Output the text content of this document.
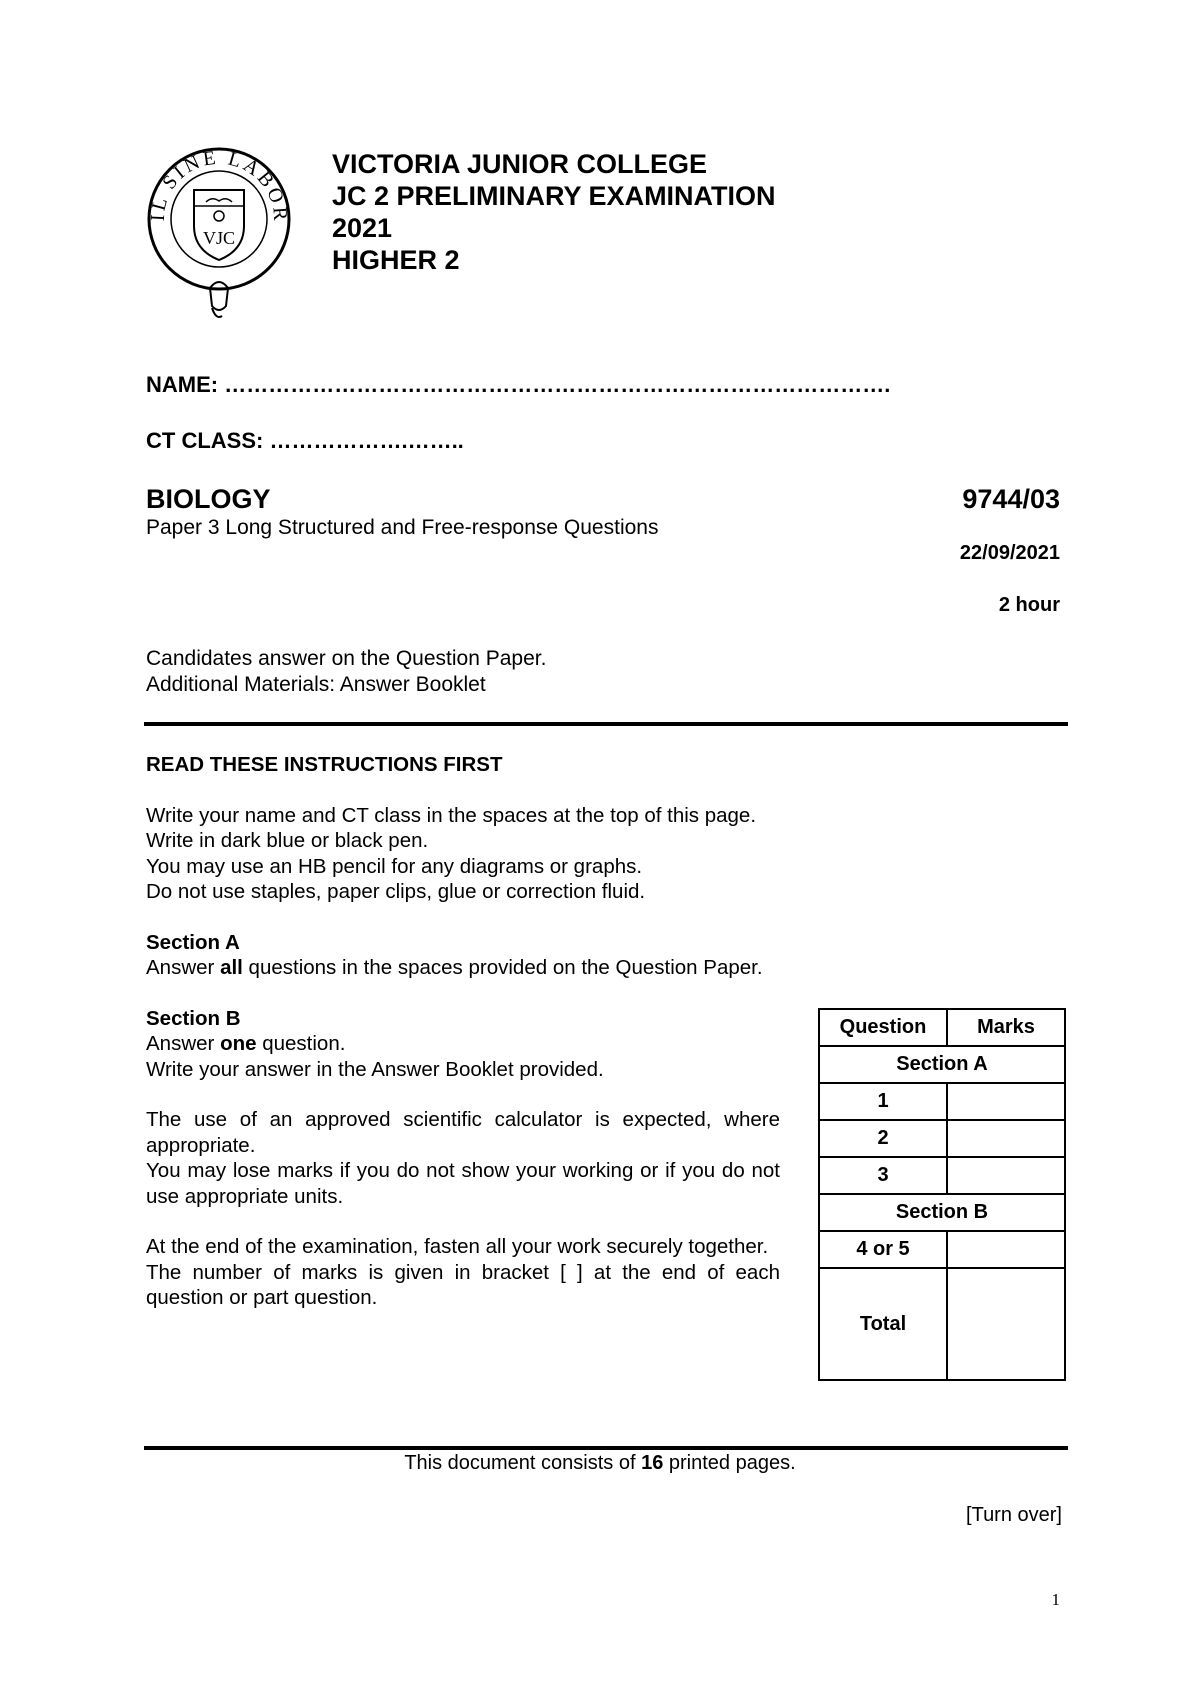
IL SINE LABOR
VJC
VICTORIA JUNIOR COLLEGE
JC 2 PRELIMINARY EXAMINATION
2021
HIGHER 2
NAME: ……………………………………………………………………………….
CT CLASS: ……………….……..
BIOLOGY	9744/03
Paper 3 Long Structured and Free-response Questions
22/09/2021
2 hour
Candidates answer on the Question Paper.
Additional Materials: Answer Booklet

READ THESE INSTRUCTIONS FIRST

Write your name and CT class in the spaces at the top of this page.

Write in dark blue or black pen.

You may use an HB pencil for any diagrams or graphs.

Do not use staples, paper clips, glue or correction fluid.

Section A

Answer all questions in the spaces provided on the Question Paper.

Section B

Answer one question.

Write your answer in the Answer Booklet provided.

The use of an approved scientific calculator is expected, where appropriate.

You may lose marks if you do not show your working or if you do not use appropriate units.

At the end of the examination, fasten all your work securely together.

The number of marks is given in bracket [ ] at the end of each question or part question.

Question	Marks
Section A	
1	
2	
3	
Section B	
4 or 5	
Total	
This document consists of 16 printed pages.
[Turn over]
1
